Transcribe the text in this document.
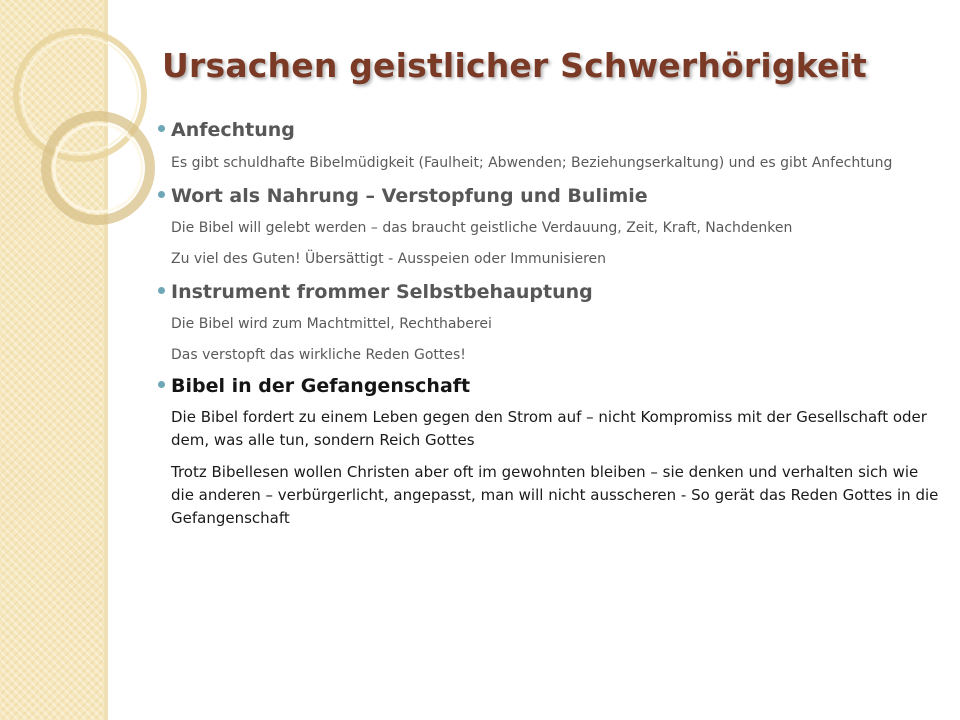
Ursachen geistlicher Schwerhörigkeit
Anfechtung

Es gibt schuldhafte Bibelmüdigkeit (Faulheit; Abwenden; Beziehungserkaltung) und es gibt Anfechtung

Wort als Nahrung – Verstopfung und Bulimie

Die Bibel will gelebt werden – das braucht geistliche Verdauung, Zeit, Kraft, Nachdenken

Zu viel des Guten! Übersättigt - Ausspeien oder Immunisieren

Instrument frommer Selbstbehauptung

Die Bibel wird zum Machtmittel, Rechthaberei

Das verstopft das wirkliche Reden Gottes!

Bibel in der Gefangenschaft

Die Bibel fordert zu einem Leben gegen den Strom auf – nicht Kompromiss mit der Gesellschaft oder dem, was alle tun, sondern Reich Gottes

Trotz Bibellesen wollen Christen aber oft im gewohnten bleiben – sie denken und verhalten sich wie die anderen – verbürgerlicht, angepasst, man will nicht ausscheren - So gerät das Reden Gottes in die Gefangenschaft
